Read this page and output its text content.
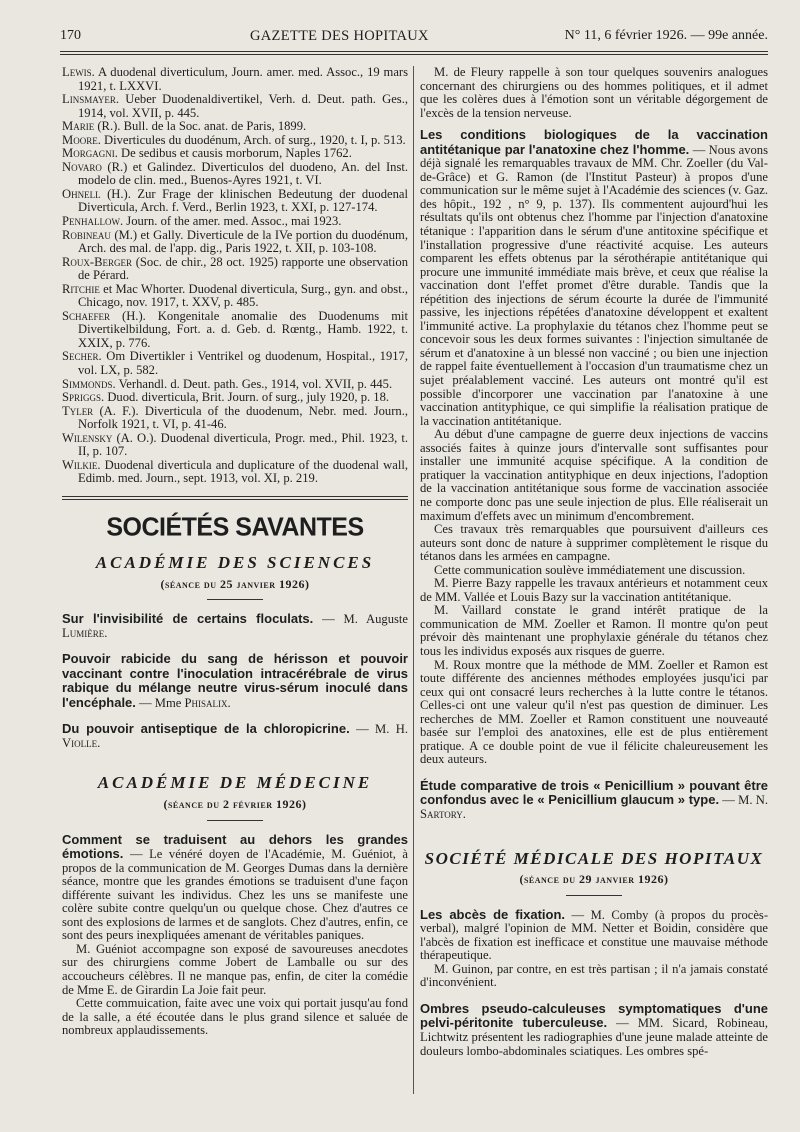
170	GAZETTE DES HOPITAUX	N° 11, 6 février 1926. — 99e année.
Lewis. A duodenal diverticulum, Journ. amer. med. Assoc., 19 mars 1921, t. LXXVI.
Linsmayer. Ueber Duodenaldivertikel, Verh. d. Deut. path. Ges., 1914, vol. XVII, p. 445.
Marie (R.). Bull. de la Soc. anat. de Paris, 1899.
Moore. Diverticules du duodénum, Arch. of surg., 1920, t. I, p. 513.
Morgagni. De sedibus et causis morborum, Naples 1762.
Novaro (R.) et Galindez. Diverticulos del duodeno, An. del Inst. modelo de clin. med., Buenos-Ayres 1921, t. VI.
Ohnell (H.). Zur Frage der klinischen Bedeutung der duodenal Diverticula, Arch. f. Verd., Berlin 1923, t. XXI, p. 127-174.
Penhallow. Journ. of the amer. med. Assoc., mai 1923.
Robineau (M.) et Gally. Diverticule de la IVe portion du duodénum, Arch. des mal. de l'app. dig., Paris 1922, t. XII, p. 103-108.
Roux-Berger (Soc. de chir., 28 oct. 1925) rapporte une observation de Pérard.
Ritchie et Mac Whorter. Duodenal diverticula, Surg., gyn. and obst., Chicago, nov. 1917, t. XXV, p. 485.
Schaefer (H.). Kongenitale anomalie des Duodenums mit Divertikelbildung, Fort. a. d. Geb. d. Rœntg., Hamb. 1922, t. XXIX, p. 776.
Secher. Om Divertikler i Ventrikel og duodenum, Hospital., 1917, vol. LX, p. 582.
Simmonds. Verhandl. d. Deut. path. Ges., 1914, vol. XVII, p. 445.
Spriggs. Duod. diverticula, Brit. Journ. of surg., july 1920, p. 18.
Tyler (A. F.). Diverticula of the duodenum, Nebr. med. Journ., Norfolk 1921, t. VI, p. 41-46.
Wilensky (A. O.). Duodenal diverticula, Progr. med., Phil. 1923, t. II, p. 107.
Wilkie. Duodenal diverticula and duplicature of the duodenal wall, Edimb. med. Journ., sept. 1913, vol. XI, p. 219.
SOCIÉTÉS SAVANTES
ACADÉMIE DES SCIENCES
(séance du 25 janvier 1926)
Sur l'invisibilité de certains floculats. — M. Auguste Lumière.
Pouvoir rabicide du sang de hérisson et pouvoir vaccinant contre l'inoculation intracérébrale de virus rabique du mélange neutre virus-sérum inoculé dans l'encéphale. — Mme Phisalix.
Du pouvoir antiseptique de la chloropicrine. — M. H. Violle.
ACADÉMIE DE MÉDECINE
(séance du 2 février 1926)
Comment se traduisent au dehors les grandes émotions. — Le vénéré doyen de l'Académie, M. Guéniot, à propos de la communication de M. Georges Dumas dans la dernière séance, montre que les grandes émotions se traduisent d'une façon différente suivant les individus. Chez les uns se manifeste une colère subite contre quelqu'un ou quelque chose. Chez d'autres ce sont des explosions de larmes et de sanglots. Chez d'autres, enfin, ce sont des peurs inexpliquées amenant de véritables paniques.
M. Guéniot accompagne son exposé de savoureuses anecdotes sur des chirurgiens comme Jobert de Lamballe ou sur des accoucheurs célèbres. Il ne manque pas, enfin, de citer la comédie de Mme E. de Girardin La Joie fait peur.
Cette commuication, faite avec une voix qui portait jusqu'au fond de la salle, a été écoutée dans le plus grand silence et saluée de nombreux applaudissements.
M. de Fleury rappelle à son tour quelques souvenirs analogues concernant des chirurgiens ou des hommes politiques, et il admet que les colères dues à l'émotion sont un véritable dégorgement de l'excès de la tension nerveuse.
Les conditions biologiques de la vaccination antitétanique par l'anatoxine chez l'homme. — Nous avons déjà signalé les remarquables travaux de MM. Chr. Zoeller (du Val-de-Grâce) et G. Ramon (de l'Institut Pasteur) à propos d'une communication sur le même sujet à l'Académie des sciences (v. Gaz. des hôpit., 192 , n° 9, p. 137). Ils commentent aujourd'hui les résultats qu'ils ont obtenus chez l'homme par l'injection d'anatoxine tétanique : l'apparition dans le sérum d'une antitoxine spécifique et l'installation progressive d'une réactivité acquise. Les auteurs comparent les effets obtenus par la sérothérapie antitétanique qui procure une immunité immédiate mais brève, et ceux que réalise la vaccination dont l'effet promet d'être durable. Tandis que la répétition des injections de sérum écourte la durée de l'immunité passive, les injections répétées d'anatoxine développent et exaltent l'immunité active. La prophylaxie du tétanos chez l'homme peut se concevoir sous les deux formes suivantes : l'injection simultanée de sérum et d'anatoxine à un blessé non vacciné ; ou bien une injection de rappel faite éventuellement à l'occasion d'un traumatisme chez un sujet préalablement vacciné. Les auteurs ont montré qu'il est possible d'incorporer une vaccination par l'anatoxine à une vaccination antityphique, ce qui simplifie la réalisation pratique de la vaccination antitétanique.
Au début d'une campagne de guerre deux injections de vaccins associés faites à quinze jours d'intervalle sont suffisantes pour installer une immunité acquise spécifique. A la condition de pratiquer la vaccination antityphique en deux injections, l'adoption de la vaccination antitétanique sous forme de vaccination associée ne comporte donc pas une seule injection de plus. Elle réaliserait un maximum d'effets avec un minimum d'encombrement.
Ces travaux très remarquables que poursuivent d'ailleurs ces auteurs sont donc de nature à supprimer complètement le risque du tétanos dans les armées en campagne.
Cette communication soulève immédiatement une discussion.
M. Pierre Bazy rappelle les travaux antérieurs et notamment ceux de MM. Vallée et Louis Bazy sur la vaccination antitétanique.
M. Vaillard constate le grand intérêt pratique de la communication de MM. Zoeller et Ramon. Il montre qu'on peut prévoir dès maintenant une prophylaxie générale du tétanos chez tous les individus exposés aux risques de guerre.
M. Roux montre que la méthode de MM. Zoeller et Ramon est toute différente des anciennes méthodes employées jusqu'ici par ceux qui ont consacré leurs recherches à la lutte contre le tétanos. Celles-ci ont une valeur qu'il n'est pas question de diminuer. Les recherches de MM. Zoeller et Ramon constituent une nouveauté basée sur l'emploi des anatoxines, elle est de plus entièrement pratique. A ce double point de vue il félicite chaleureusement les deux auteurs.
Étude comparative de trois « Penicillium » pouvant être confondus avec le « Penicillium glaucum » type. — M. N. Sartory.
SOCIÉTÉ MÉDICALE DES HOPITAUX
(séance du 29 janvier 1926)
Les abcès de fixation. — M. Comby (à propos du procès-verbal), malgré l'opinion de MM. Netter et Boidin, considère que l'abcès de fixation est inefficace et constitue une mauvaise méthode thérapeutique.
M. Guinon, par contre, en est très partisan ; il n'a jamais constaté d'inconvénient.
Ombres pseudo-calculeuses symptomatiques d'une pelvi-péritonite tuberculeuse. — MM. Sicard, Robineau, Lichtwitz présentent les radiographies d'une jeune malade atteinte de douleurs lombo-abdominales sciatiques. Les ombres spé-
